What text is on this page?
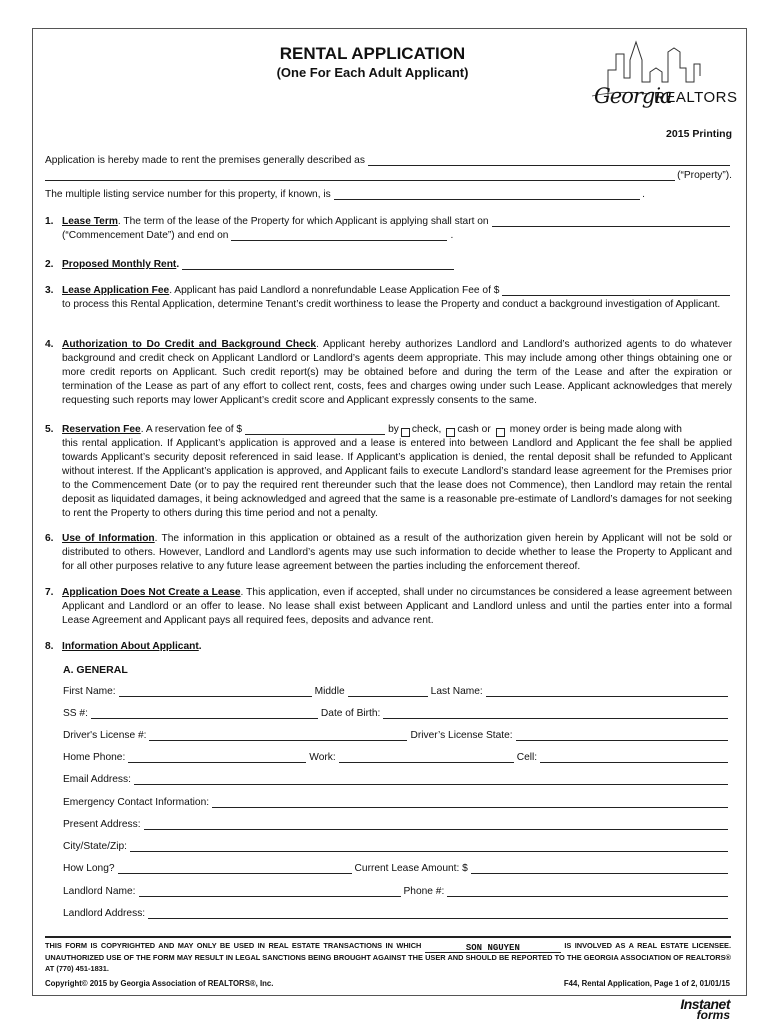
RENTAL APPLICATION
(One For Each Adult Applicant)
Georgia
REALTORS
2015 Printing
Application is hereby made to rent the premises generally described as
(“Property”).
The multiple listing service number for this property, if known, is	.
1. Lease Term . The term of the lease of the Property for which Applicant is applying shall start on
(“Commencement Date”) and end on	.
2. Proposed Monthly Rent .
3. Lease Application Fee . Applicant has paid Landlord a nonrefundable Lease Application Fee of $
to process this Rental Application, determine Tenant’s credit worthiness to lease the Property and conduct a background investigation of Applicant.
4. Authorization to Do Credit and Background Check. Applicant hereby authorizes Landlord and Landlord’s authorized agents to do whatever background and credit check on Applicant Landlord or Landlord’s agents deem appropriate. This may include among other things obtaining one or more credit reports on Applicant. Such credit report(s) may be obtained before and during the term of the Lease and after the expiration or termination of the Lease as part of any effort to collect rent, costs, fees and charges owing under such Lease. Applicant acknowledges that merely requesting such reports may lower Applicant’s credit score and Applicant expressly consents to the same.
5. Reservation Fee . A reservation fee of $	by check, cash or money order is being made along with
this rental application. If Applicant’s application is approved and a lease is entered into between Landlord and Applicant the fee shall be applied towards Applicant’s security deposit referenced in said lease. If Applicant’s application is denied, the rental deposit shall be refunded to Applicant without interest. If the Applicant’s application is approved, and Applicant fails to execute Landlord’s standard lease agreement for the Premises prior to the Commencement Date (or to pay the required rent thereunder such that the lease does not Commence), then Landlord may retain the rental deposit as liquidated damages, it being acknowledged and agreed that the same is a reasonable pre-estimate of Landlord’s damages for not seeking to rent the Property to others during this time period and not a penalty.
6. Use of Information. The information in this application or obtained as a result of the authorization given herein by Applicant will not be sold or distributed to others. However, Landlord and Landlord’s agents may use such information to decide whether to lease the Property to Applicant and for all other purposes relative to any future lease agreement between the parties including the enforcement thereof.
7. Application Does Not Create a Lease. This application, even if accepted, shall under no circumstances be considered a lease agreement between Applicant and Landlord or an offer to lease. No lease shall exist between Applicant and Landlord unless and until the parties enter into a formal Lease Agreement and Applicant pays all required fees, deposits and advance rent.
8. Information About Applicant.
A. GENERAL
First Name:	Middle	Last Name:
SS #:	Date of Birth:
Driver's License #:	Driver’s License State:
Home Phone:	Work:	Cell:
Email Address:
Emergency Contact Information:
Present Address:
City/State/Zip:
How Long?	Current Lease Amount: $
Landlord Name:	Phone #:
Landlord Address:
THIS FORM IS COPYRIGHTED AND MAY ONLY BE USED IN REAL ESTATE TRANSACTIONS IN WHICH	SON NGUYEN	IS INVOLVED AS A REAL ESTATE LICENSEE. UNAUTHORIZED USE OF THE FORM MAY RESULT IN LEGAL SANCTIONS BEING BROUGHT AGAINST THE USER AND SHOULD BE REPORTED TO THE GEORGIA ASSOCIATION OF REALTORS® AT (770) 451-1831.
Copyright© 2015 by Georgia Association of REALTORS®, Inc.	F44, Rental Application, Page 1 of 2, 01/01/15
Instanet
forms
